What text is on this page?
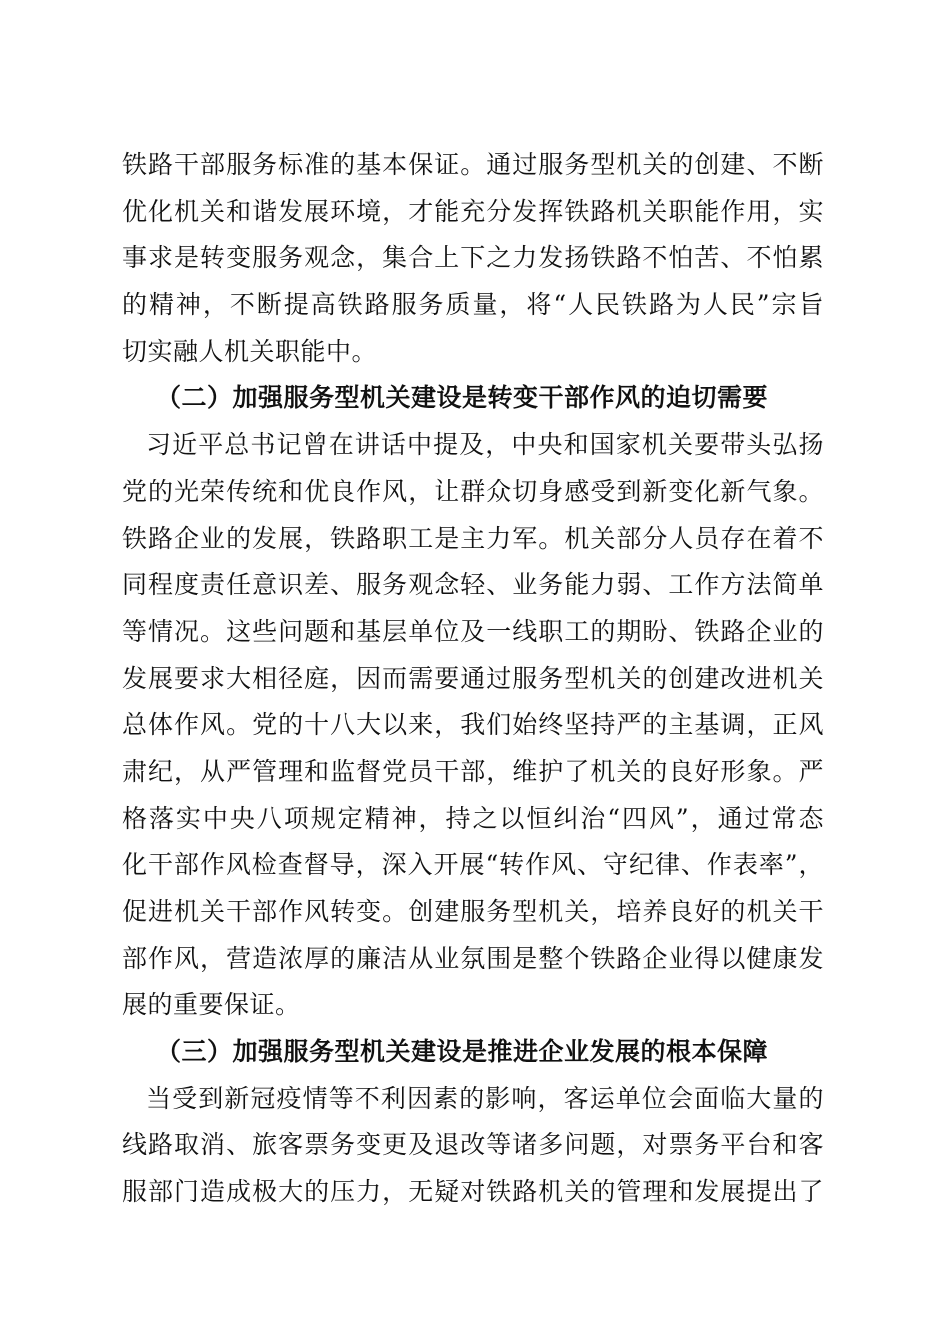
铁路干部服务标准的基本保证。通过服务型机关的创建、不断
优化机关和谐发展环境，才能充分发挥铁路机关职能作用，实
事求是转变服务观念，集合上下之力发扬铁路不怕苦、不怕累
的精神，不断提高铁路服务质量，将“人民铁路为人民”宗旨
切实融人机关职能中。
（二）加强服务型机关建设是转变干部作风的迫切需要
习近平总书记曾在讲话中提及，中央和国家机关要带头弘扬
党的光荣传统和优良作风，让群众切身感受到新变化新气象。
铁路企业的发展，铁路职工是主力军。机关部分人员存在着不
同程度责任意识差、服务观念轻、业务能力弱、工作方法简单
等情况。这些问题和基层单位及一线职工的期盼、铁路企业的
发展要求大相径庭，因而需要通过服务型机关的创建改进机关
总体作风。党的十八大以来，我们始终坚持严的主基调，正风
肃纪，从严管理和监督党员干部，维护了机关的良好形象。严
格落实中央八项规定精神，持之以恒纠治“四风”，通过常态
化干部作风检查督导，深入开展“转作风、守纪律、作表率”，
促进机关干部作风转变。创建服务型机关，培养良好的机关干
部作风，营造浓厚的廉洁从业氛围是整个铁路企业得以健康发
展的重要保证。
（三）加强服务型机关建设是推进企业发展的根本保障
当受到新冠疫情等不利因素的影响，客运单位会面临大量的
线路取消、旅客票务变更及退改等诸多问题，对票务平台和客
服部门造成极大的压力，无疑对铁路机关的管理和发展提出了
